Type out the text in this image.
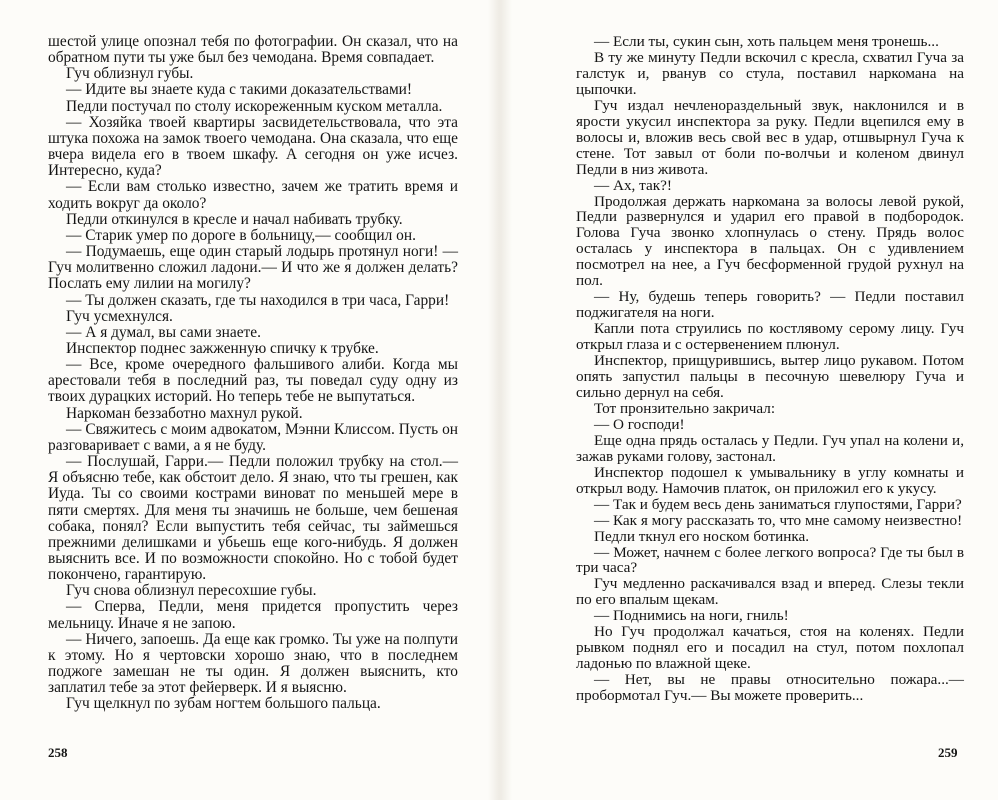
шестой улице опознал тебя по фотографии. Он сказал, что на обратном пути ты уже был без чемодана. Время совпадает.

Гуч облизнул губы.

— Идите вы знаете куда с такими доказательствами!

Педли постучал по столу искореженным куском металла.

— Хозяйка твоей квартиры засвидетельствовала, что эта штука похожа на замок твоего чемодана. Она сказала, что еще вчера видела его в твоем шкафу. А сегодня он уже исчез. Интересно, куда?

— Если вам столько известно, зачем же тратить время и ходить вокруг да около?

Педли откинулся в кресле и начал набивать трубку.

— Старик умер по дороге в больницу,— сообщил он.

— Подумаешь, еще один старый лодырь протянул ноги! — Гуч молитвенно сложил ладони.— И что же я должен делать? Послать ему лилии на могилу?

— Ты должен сказать, где ты находился в три часа, Гарри!

Гуч усмехнулся.

— А я думал, вы сами знаете.

Инспектор поднес зажженную спичку к трубке.

— Все, кроме очередного фальшивого алиби. Когда мы арестовали тебя в последний раз, ты поведал суду одну из твоих дурацких историй. Но теперь тебе не выпутаться.

Наркоман беззаботно махнул рукой.

— Свяжитесь с моим адвокатом, Мэнни Клиссом. Пусть он разговаривает с вами, а я не буду.

— Послушай, Гарри.— Педли положил трубку на стол.— Я объясню тебе, как обстоит дело. Я знаю, что ты грешен, как Иуда. Ты со своими кострами виноват по меньшей мере в пяти смертях. Для меня ты значишь не больше, чем бешеная собака, понял? Если выпустить тебя сейчас, ты займешься прежними делишками и убьешь еще кого-нибудь. Я должен выяснить все. И по возможности спокойно. Но с тобой будет покончено, гарантирую.

Гуч снова облизнул пересохшие губы.

— Сперва, Педли, меня придется пропустить через мельницу. Иначе я не запою.

— Ничего, запоешь. Да еще как громко. Ты уже на полпути к этому. Но я чертовски хорошо знаю, что в последнем поджоге замешан не ты один. Я должен выяснить, кто заплатил тебе за этот фейерверк. И я выясню.

Гуч щелкнул по зубам ногтем большого пальца.

258

— Если ты, сукин сын, хоть пальцем меня тронешь...

В ту же минуту Педли вскочил с кресла, схватил Гуча за галстук и, рванув со стула, поставил наркомана на цыпочки.

Гуч издал нечленораздельный звук, наклонился и в ярости укусил инспектора за руку. Педли вцепился ему в волосы и, вложив весь свой вес в удар, отшвырнул Гуча к стене. Тот завыл от боли по-волчьи и коленом двинул Педли в низ живота.

— Ах, так?!

Продолжая держать наркомана за волосы левой рукой, Педли развернулся и ударил его правой в подбородок. Голова Гуча звонко хлопнулась о стену. Прядь волос осталась у инспектора в пальцах. Он с удивлением посмотрел на нее, а Гуч бесформенной грудой рухнул на пол.

— Ну, будешь теперь говорить? — Педли поставил поджигателя на ноги.

Капли пота струились по костлявому серому лицу. Гуч открыл глаза и с остервенением плюнул.

Инспектор, прищурившись, вытер лицо рукавом. Потом опять запустил пальцы в песочную шевелюру Гуча и сильно дернул на себя.

Тот пронзительно закричал:

— О господи!

Еще одна прядь осталась у Педли. Гуч упал на колени и, зажав руками голову, застонал.

Инспектор подошел к умывальнику в углу комнаты и открыл воду. Намочив платок, он приложил его к укусу.

— Так и будем весь день заниматься глупостями, Гарри?

— Как я могу рассказать то, что мне самому неизвестно!

Педли ткнул его носком ботинка.

— Может, начнем с более легкого вопроса? Где ты был в три часа?

Гуч медленно раскачивался взад и вперед. Слезы текли по его впалым щекам.

— Поднимись на ноги, гниль!

Но Гуч продолжал качаться, стоя на коленях. Педли рывком поднял его и посадил на стул, потом похлопал ладонью по влажной щеке.

— Нет, вы не правы относительно пожара...— пробормотал Гуч.— Вы можете проверить...

259
